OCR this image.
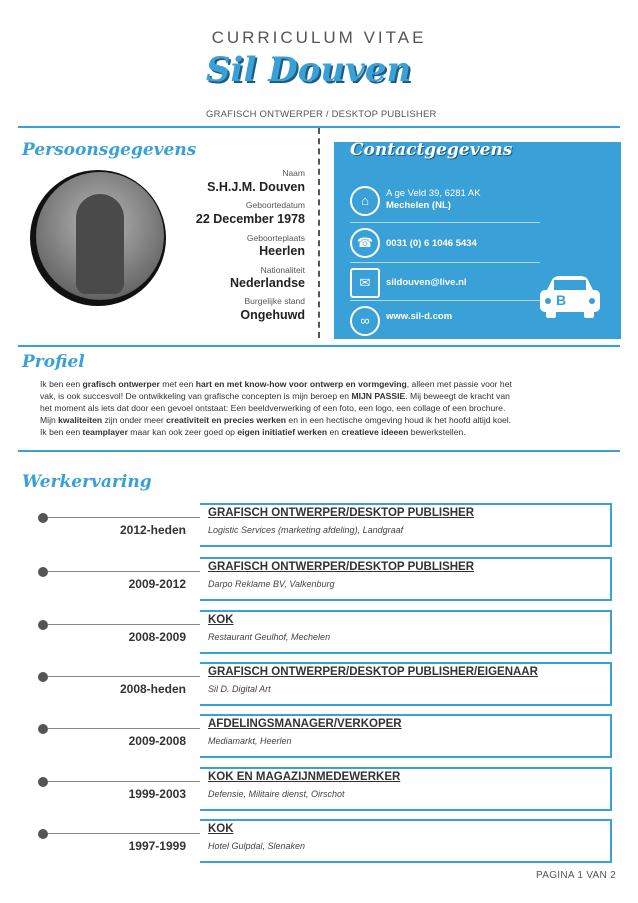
CURRICULUM VITAE
Sil Douven
GRAFISCH ONTWERPER / DESKTOP PUBLISHER
Persoonsgegevens
Naam
S.H.J.M. Douven
Geboortedatum
22 December 1978
Geboorteplaats
Heerlen
Nationaliteit
Nederlandse
Burgelijke stand
Ongehuwd
Contactgegevens
⌂	A ge Veld 39, 6281 AK
Mechelen (NL)
☎	0031 (0) 6 1046 5434
✉	sildouven@live.nl
∞	www.sil-d.com
B
Profiel
Ik ben een grafisch ontwerper met een hart en met know-how voor ontwerp en vormgeving, alleen met passie voor het
vak, is ook succesvol! De ontwikkeling van grafische concepten is mijn beroep en MIJN PASSIE. Mij beweegt de kracht van
het moment als iets dat door een gevoel ontstaat: Een beeldverwerking of een foto, een logo, een collage of een brochure.
Mijn kwaliteiten zijn onder meer creativiteit en precies werken en in een hectische omgeving houd ik het hoofd altijd koel.
Ik ben een teamplayer maar kan ook zeer goed op eigen initiatief werken en creatieve ideeen bewerkstellen.
Werkervaring
2012-heden
GRAFISCH ONTWERPER/DESKTOP PUBLISHER
Logistic Services (marketing afdeling), Landgraaf
2009-2012
GRAFISCH ONTWERPER/DESKTOP PUBLISHER
Darpo Reklame BV, Valkenburg
2008-2009
KOK
Restaurant Geulhof, Mechelen
2008-heden
GRAFISCH ONTWERPER/DESKTOP PUBLISHER/EIGENAAR
Sil D. Digital Art
2009-2008
AFDELINGSMANAGER/VERKOPER
Mediamarkt, Heerlen
1999-2003
KOK EN MAGAZIJNMEDEWERKER
Defensie, Militaire dienst, Oirschot
1997-1999
KOK
Hotel Gulpdal, Slenaken
PAGINA 1 VAN 2
